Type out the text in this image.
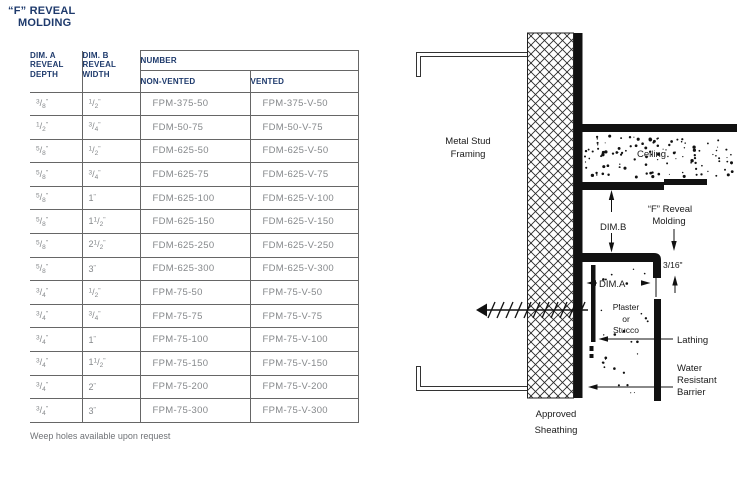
“F” REVEAL
MOLDING
DIM. A REVEAL DEPTH	DIM. B REVEAL WIDTH	NUMBER	
		NON-VENTED	VENTED
$^3/_8^"$	$^1/_2^"$	FPM-375-50	FPM-375-V-50
$^1/_2^"$	$^3/_4^"$	FDM-50-75	FDM-50-V-75
$^5/_8^"$	$^1/_2^"$	FDM-625-50	FDM-625-V-50
$^5/_8^"$	$^3/_4^"$	FDM-625-75	FDM-625-V-75
$^5/_8^"$	1"	FDM-625-100	FDM-625-V-100
$^5/_8^"$	$1^1/_2^"$	FDM-625-150	FDM-625-V-150
$^5/_8^"$	$2^1/_2^"$	FDM-625-250	FDM-625-V-250
$^5/_8^"$	3"	FDM-625-300	FDM-625-V-300
$^3/_4^"$	$^1/_2^"$	FPM-75-50	FPM-75-V-50
$^3/_4^"$	$^3/_4^"$	FPM-75-75	FPM-75-V-75
$^3/_4^"$	1"	FPM-75-100	FPM-75-V-100
$^3/_4^"$	$1^1/_2^"$	FPM-75-150	FPM-75-V-150
$^3/_4^"$	2"	FPM-75-200	FPM-75-V-200
$^3/_4^"$	3"	FPM-75-300	FPM-75-V-300
Weep holes available upon request
Metal Stud
Framing	Ceiling
DIM.B
“F” Reveal
Molding
3/16"
DIM.A
Plaster
or
Stucco
Lathing
Water
Resistant
Barrier
Approved
Sheathing
